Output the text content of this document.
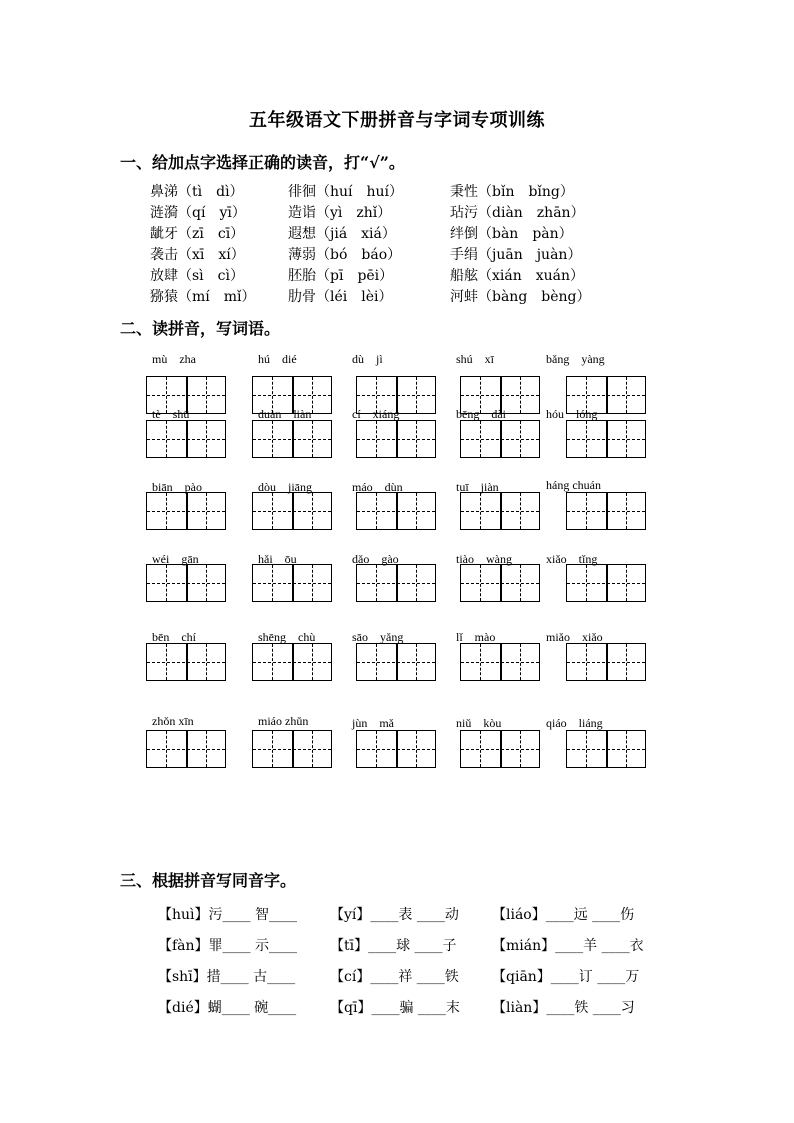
五年级语文下册拼音与字词专项训练
一、给加点字选择正确的读音，打“√”。
鼻涕（tì　dì）	徘徊（huí　huí）	秉性（bǐn　bǐng）
涟漪（qí　yī）	造诣（yì　zhǐ）	玷污（diàn　zhān）
龇牙（zī　cī）	遐想（jiá　xiá）	绊倒（bàn　pàn）
袭击（xī　xí）	薄弱（bó　báo）	手绢（juān　juàn）
放肆（sì　cì）	胚胎（pī　pēi）	船舷（xián　xuán）
猕猿（mí　mǐ） 肋骨（léi　lèi）	河蚌（bàng　bèng）
二、读拼音，写词语。
mù　zha	hú　dié	dù　jì	shú　xī	bǎng　yàng
tè　shū	duàn　liàn	cí　xiáng	bēng　dài	hóu　lóng
biān　pào	dòu　jiāng	máo　dùn	tuī　jiàn	háng chuán
wéi　gān	hǎi　ōu	dǎo　gào	tiào　wàng	xiǎo　tǐng
bēn　chí	shēng　chù	sāo　yǎng	lǐ　mào	miǎo　xiǎo
zhǒn xīn	miáo zhǔn	jùn　mǎ	niǔ　kòu	qiáo　liáng
三、根据拼音写同音字。
【huì】污____ 智____ 【yí】____表 ____动 【liáo】____远 ____伤
【fàn】罪____ 示____ 【tī】____球 ____子	【mián】____羊 ____衣
【shī】措____ 古____ 【cí】____祥 ____铁 【qiān】____订 ____万
【dié】蝴____ 碗____ 【qī】____骗 ____末 【liàn】____铁 ____习
